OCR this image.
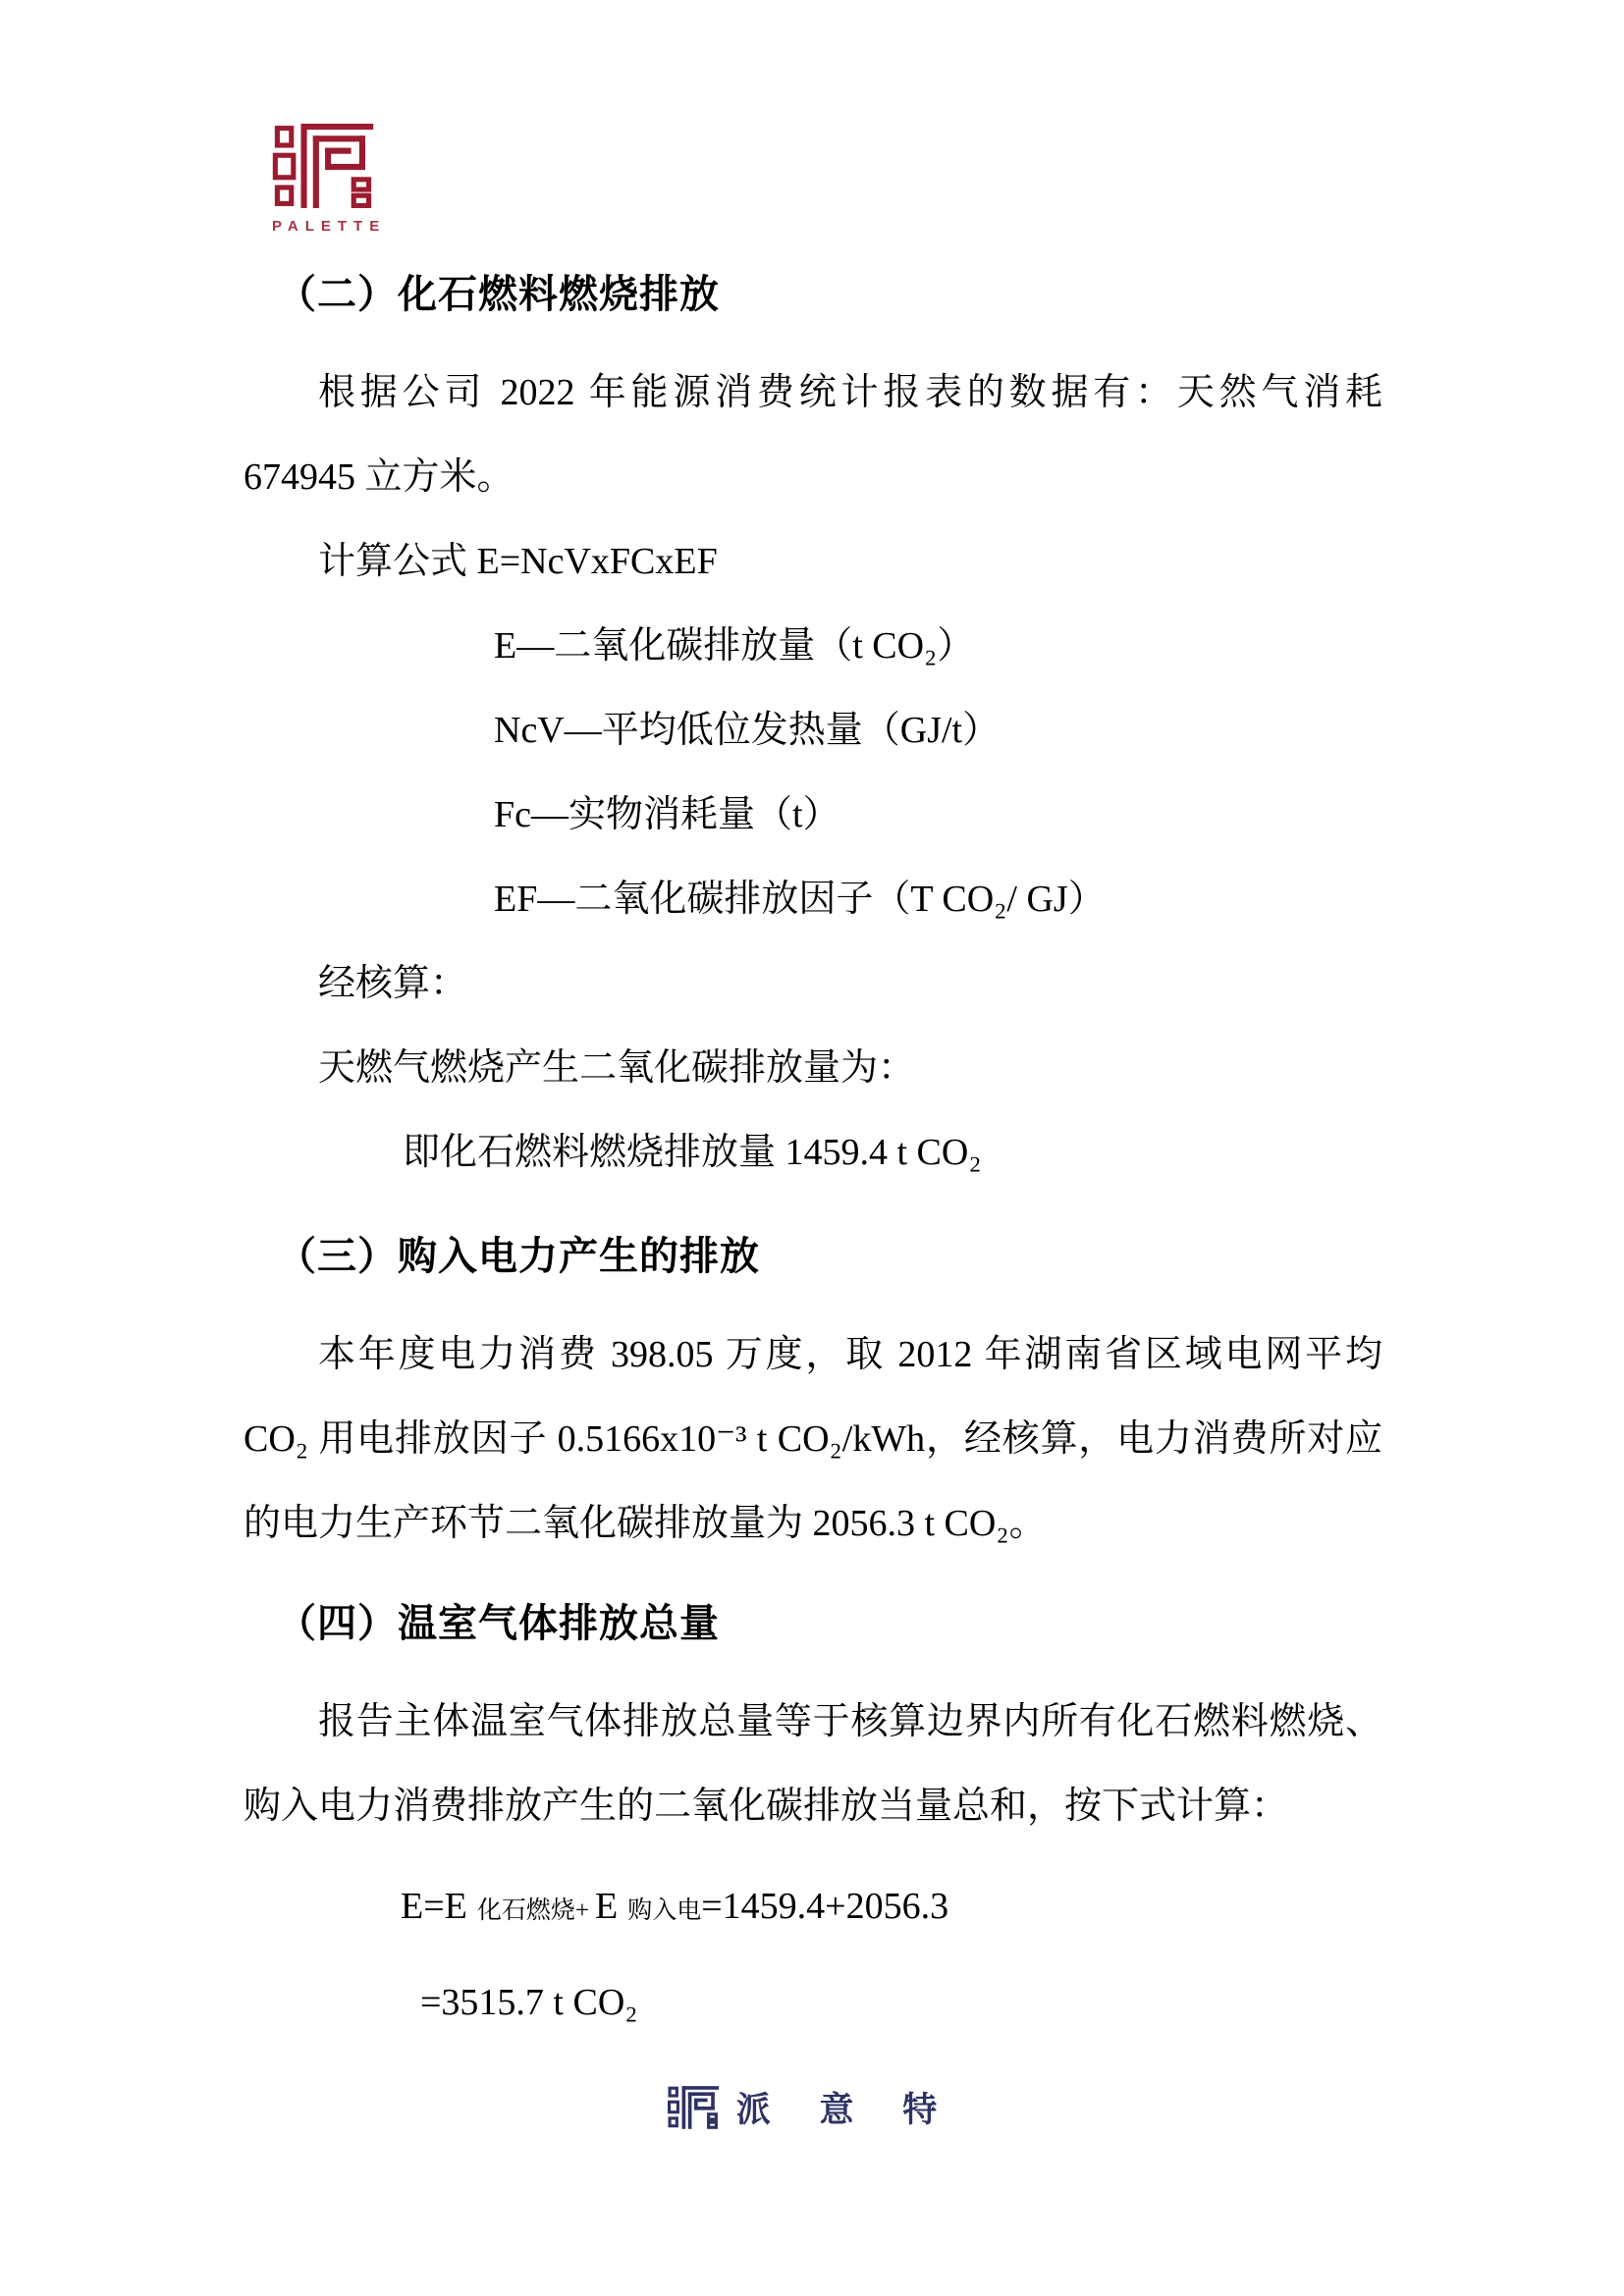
PALETTE
（二）化石燃料燃烧排放
根据公司 2022 年能源消费统计报表的数据有：天然气消耗
674945 立方米。
计算公式 E=NcVxFCxEF
E—二氧化碳排放量（t CO₂）
NcV—平均低位发热量（GJ/t）
Fc—实物消耗量（t）
EF—二氧化碳排放因子（T CO₂/ GJ）
经核算：
天燃气燃烧产生二氧化碳排放量为：
即化石燃料燃烧排放量 1459.4 t CO₂
（三）购入电力产生的排放
本年度电力消费 398.05 万度，取 2012 年湖南省区域电网平均
CO₂ 用电排放因子 0.5166x10⁻³ t CO₂/kWh，经核算，电力消费所对应
的电力生产环节二氧化碳排放量为 2056.3 t CO₂。
（四）温室气体排放总量
报告主体温室气体排放总量等于核算边界内所有化石燃料燃烧、
购入电力消费排放产生的二氧化碳排放当量总和，按下式计算：
E=E 化石燃烧+ E 购入电=1459.4+2056.3
=3515.7 t CO₂
派 意 特
